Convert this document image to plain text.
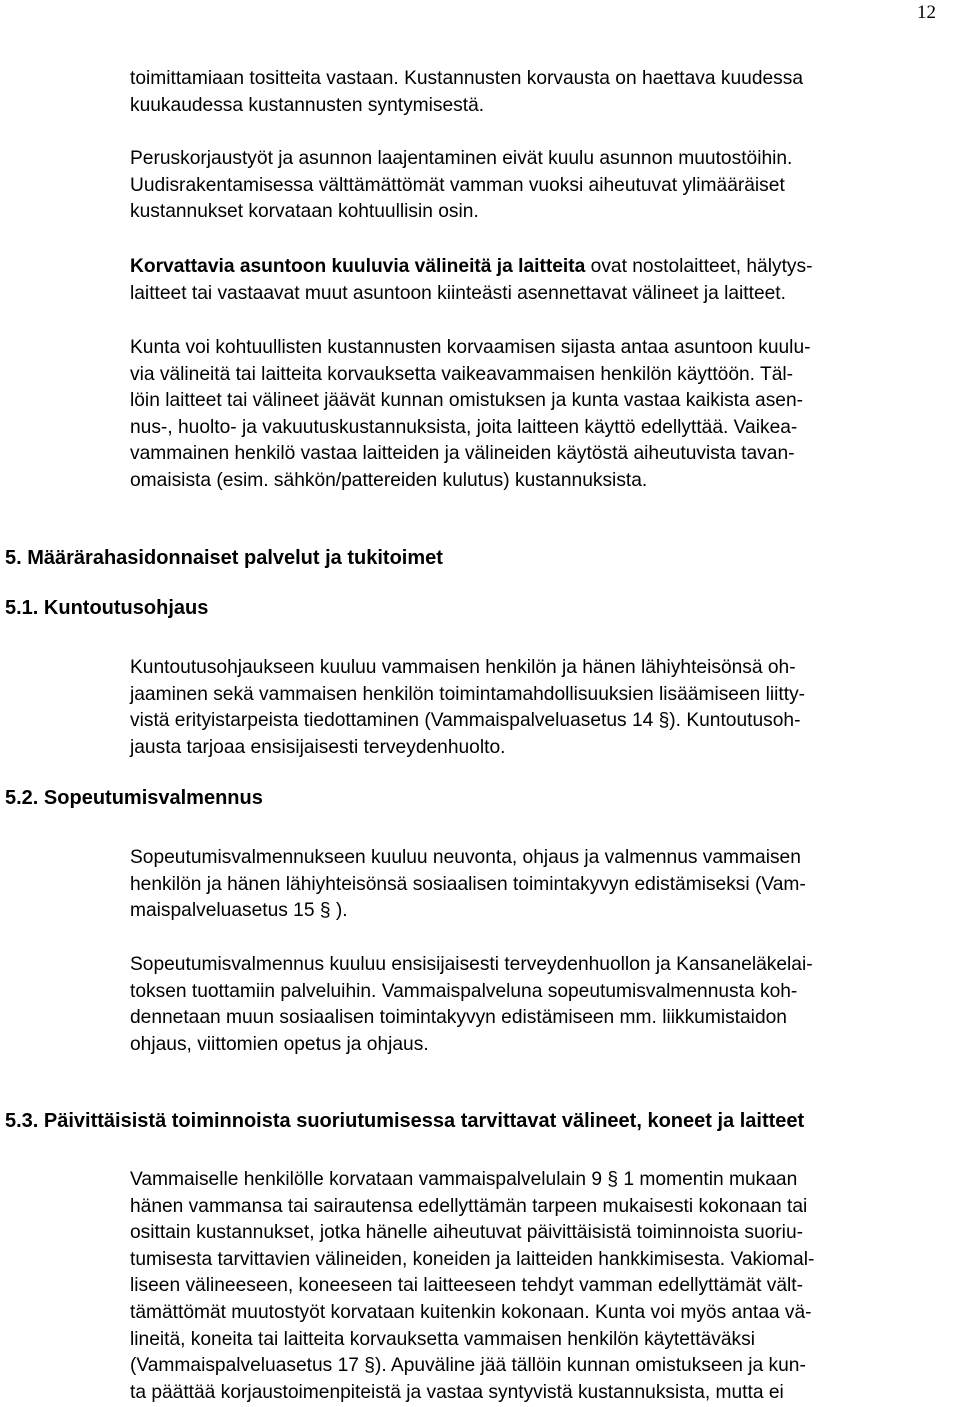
12

toimittamiaan tositteita vastaan. Kustannusten korvausta on haettava kuudessa
kuukaudessa kustannusten syntymisestä.

Peruskorjaustyöt ja asunnon laajentaminen eivät kuulu asunnon muutostöihin.
Uudisrakentamisessa välttämättömät vamman vuoksi aiheutuvat ylimääräiset
kustannukset korvataan kohtuullisin osin.

Korvattavia asuntoon kuuluvia välineitä ja laitteita ovat nostolaitteet, hälytys-
laitteet tai vastaavat muut asuntoon kiinteästi asennettavat välineet ja laitteet.

Kunta voi kohtuullisten kustannusten korvaamisen sijasta antaa asuntoon kuulu-
via välineitä tai laitteita korvauksetta vaikeavammaisen henkilön käyttöön. Täl-
löin laitteet tai välineet jäävät kunnan omistuksen ja kunta vastaa kaikista asen-
nus-, huolto- ja vakuutuskustannuksista, joita laitteen käyttö edellyttää. Vaikea-
vammainen henkilö vastaa laitteiden ja välineiden käytöstä aiheutuvista tavan-
omaisista (esim. sähkön/pattereiden kulutus) kustannuksista.

5. Määrärahasidonnaiset palvelut ja tukitoimet
5.1. Kuntoutusohjaus

Kuntoutusohjaukseen kuuluu vammaisen henkilön ja hänen lähiyhteisönsä oh-
jaaminen sekä vammaisen henkilön toimintamahdollisuuksien lisäämiseen liitty-
vistä erityistarpeista tiedottaminen (Vammaispalveluasetus 14 §). Kuntoutusoh-
jausta tarjoaa ensisijaisesti terveydenhuolto.

5.2. Sopeutumisvalmennus

Sopeutumisvalmennukseen kuuluu neuvonta, ohjaus ja valmennus vammaisen
henkilön ja hänen lähiyhteisönsä sosiaalisen toimintakyvyn edistämiseksi (Vam-
maispalveluasetus 15 § ).

Sopeutumisvalmennus kuuluu ensisijaisesti terveydenhuollon ja Kansaneläkelai-
toksen tuottamiin palveluihin. Vammaispalveluna sopeutumisvalmennusta koh-
dennetaan muun sosiaalisen toimintakyvyn edistämiseen mm. liikkumistaidon
ohjaus, viittomien opetus ja ohjaus.

5.3. Päivittäisistä toiminnoista suoriutumisessa tarvittavat välineet, koneet ja laitteet

Vammaiselle henkilölle korvataan vammaispalvelulain 9 § 1 momentin mukaan
hänen vammansa tai sairautensa edellyttämän tarpeen mukaisesti kokonaan tai
osittain kustannukset, jotka hänelle aiheutuvat päivittäisistä toiminnoista suoriu-
tumisesta tarvittavien välineiden, koneiden ja laitteiden hankkimisesta. Vakiomal-
liseen välineeseen, koneeseen tai laitteeseen tehdyt vamman edellyttämät vält-
tämättömät muutostyöt korvataan kuitenkin kokonaan. Kunta voi myös antaa vä-
lineitä, koneita tai laitteita korvauksetta vammaisen henkilön käytettäväksi
(Vammaispalveluasetus 17 §). Apuväline jää tällöin kunnan omistukseen ja kun-
ta päättää korjaustoimenpiteistä ja vastaa syntyvistä kustannuksista, mutta ei
